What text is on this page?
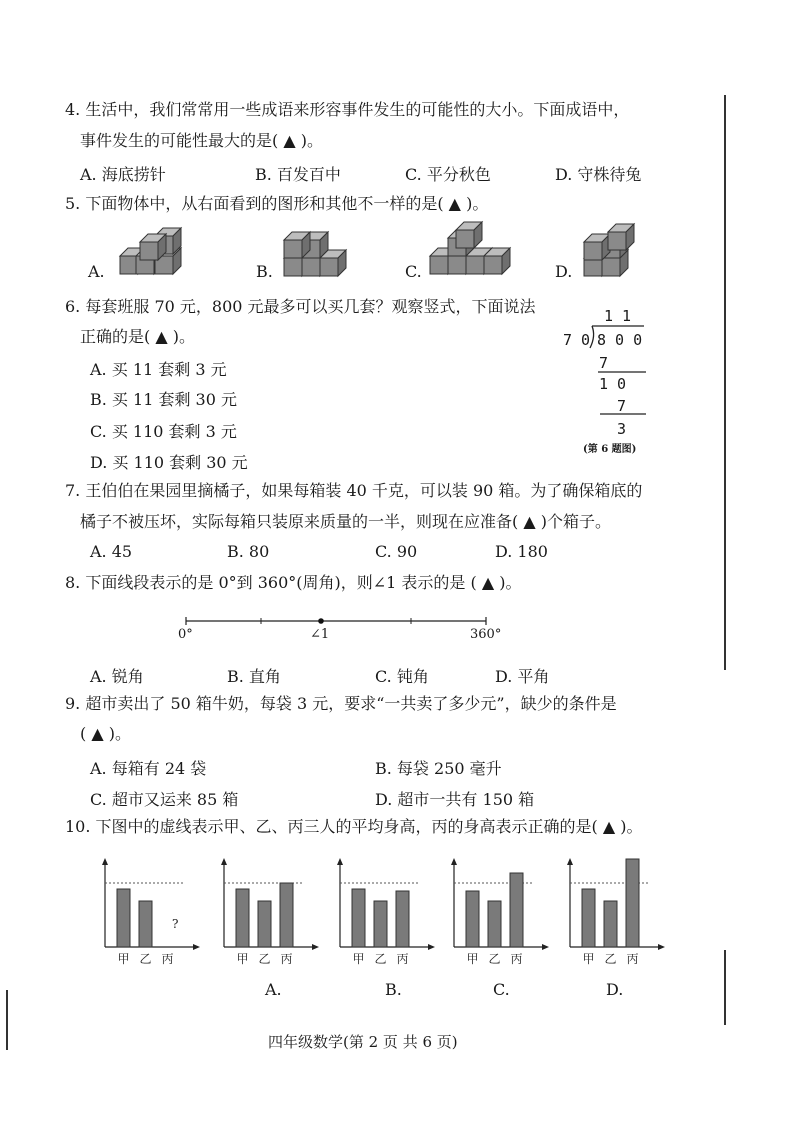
4. 生活中，我们常常用一些成语来形容事件发生的可能性的大小。下面成语中，
事件发生的可能性最大的是( ▲ )。
A. 海底捞针	B. 百发百中	C. 平分秋色	D. 守株待兔
5. 下面物体中，从右面看到的图形和其他不一样的是( ▲ )。
A.	B.	C.	D.
6. 每套班服 70 元，800 元最多可以买几套？观察竖式，下面说法
正确的是( ▲ )。
A. 买 11 套剩 3 元
B. 买 11 套剩 30 元
C. 买 110 套剩 3 元
D. 买 110 套剩 30 元
1 1
7 0 8 0 0
7
1 0
7
3
(第 6 题图)
7. 王伯伯在果园里摘橘子，如果每箱装 40 千克，可以装 90 箱。为了确保箱底的
橘子不被压坏，实际每箱只装原来质量的一半，则现在应准备( ▲ )个箱子。
A. 45	B. 80	C. 90	D. 180
8. 下面线段表示的是 0°到 360°(周角)，则∠1 表示的是 ( ▲ )。
0°	∠1	360°
A. 锐角	B. 直角	C. 钝角	D. 平角
9. 超市卖出了 50 箱牛奶，每袋 3 元，要求“一共卖了多少元”，缺少的条件是
( ▲ )。
A. 每箱有 24 袋	B. 每袋 250 毫升
C. 超市又运来 85 箱	D. 超市一共有 150 箱
10. 下图中的虚线表示甲、乙、丙三人的平均身高，丙的身高表示正确的是( ▲ )。
甲 乙 丙	甲 乙 丙	甲 乙 丙	甲 乙 丙	甲 乙 丙
?
A.	B.	C.	D.
四年级数学(第 2 页 共 6 页)
